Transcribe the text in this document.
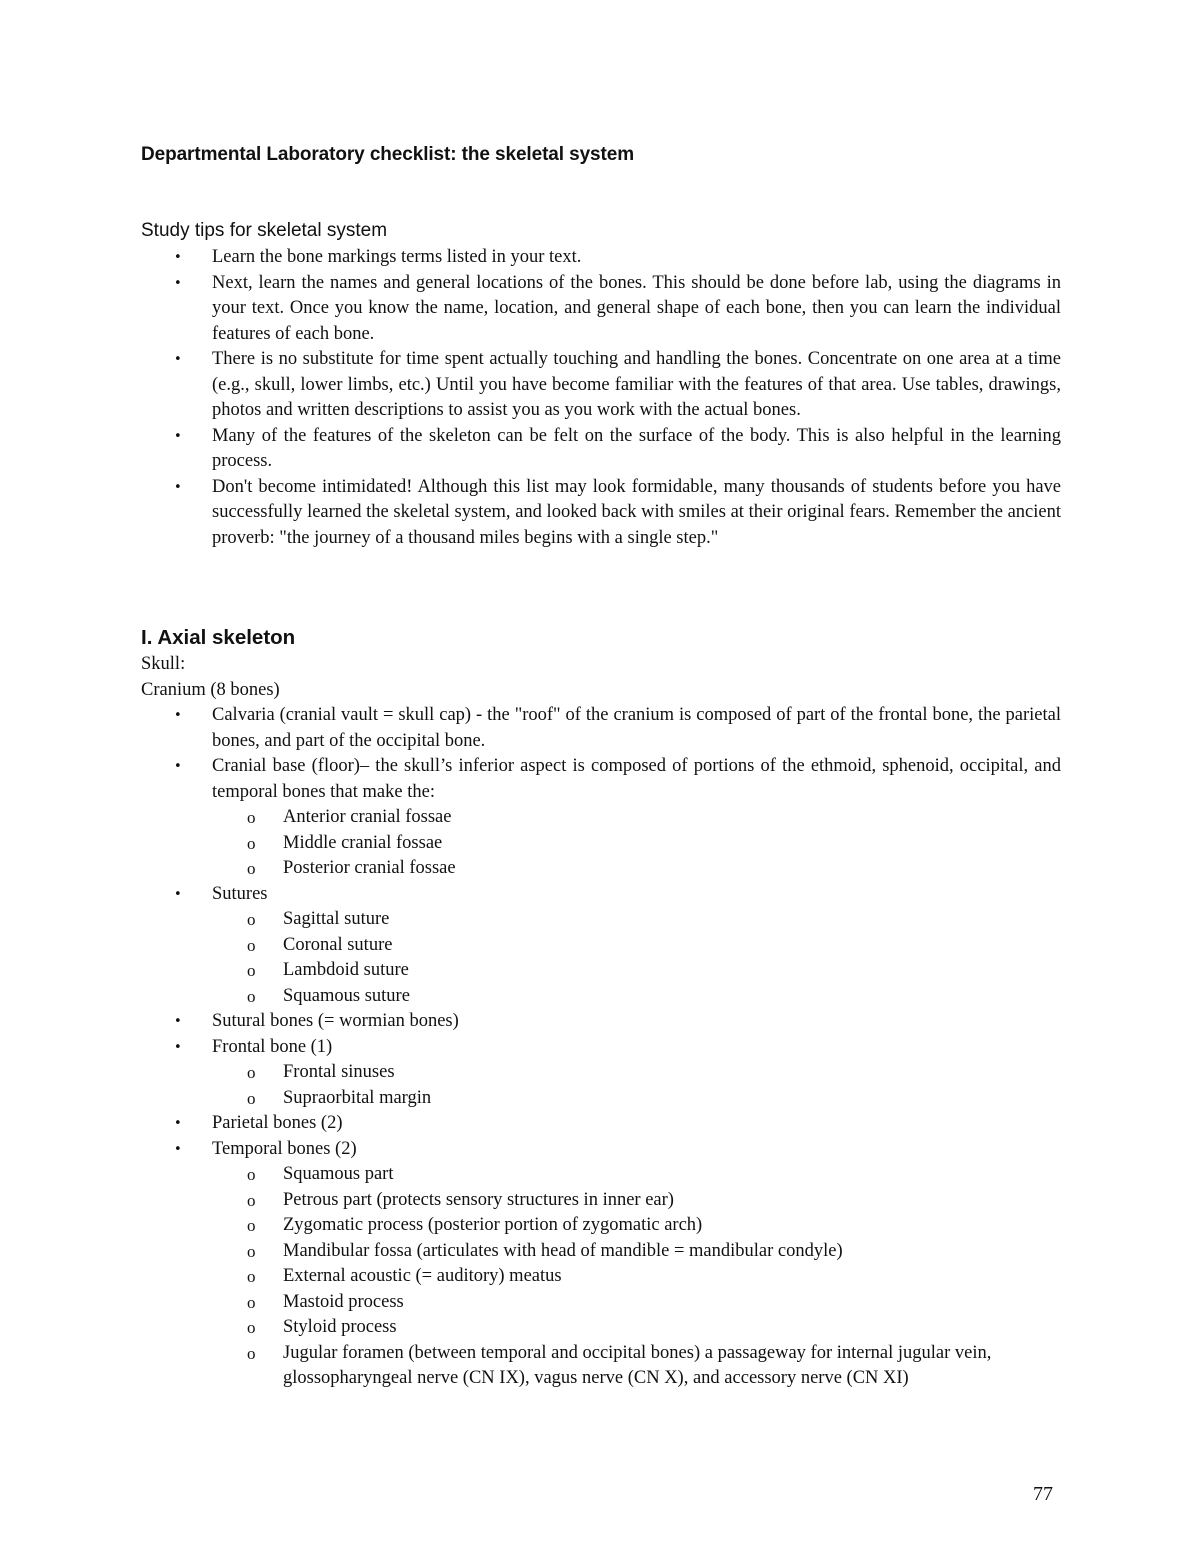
Departmental Laboratory checklist: the skeletal system
Study tips for skeletal system
• Learn the bone markings terms listed in your text.
• Next, learn the names and general locations of the bones. This should be done before lab, using the diagrams in your text. Once you know the name, location, and general shape of each bone, then you can learn the individual features of each bone.
• There is no substitute for time spent actually touching and handling the bones. Concentrate on one area at a time (e.g., skull, lower limbs, etc.) Until you have become familiar with the features of that area. Use tables, drawings, photos and written descriptions to assist you as you work with the actual bones.
• Many of the features of the skeleton can be felt on the surface of the body. This is also helpful in the learning process.
• Don't become intimidated! Although this list may look formidable, many thousands of students before you have successfully learned the skeletal system, and looked back with smiles at their original fears. Remember the ancient proverb: "the journey of a thousand miles begins with a single step."
I. Axial skeleton
Skull:
Cranium (8 bones)
• Calvaria (cranial vault = skull cap) - the "roof" of the cranium is composed of part of the frontal bone, the parietal bones, and part of the occipital bone.
• Cranial base (floor)– the skull’s inferior aspect is composed of portions of the ethmoid, sphenoid, occipital, and temporal bones that make the:
o Anterior cranial fossae
o Middle cranial fossae
o Posterior cranial fossae
• Sutures
o Sagittal suture
o Coronal suture
o Lambdoid suture
o Squamous suture
• Sutural bones (= wormian bones)
• Frontal bone (1)
o Frontal sinuses
o Supraorbital margin
• Parietal bones (2)
• Temporal bones (2)
o Squamous part
o Petrous part (protects sensory structures in inner ear)
o Zygomatic process (posterior portion of zygomatic arch)
o Mandibular fossa (articulates with head of mandible = mandibular condyle)
o External acoustic (= auditory) meatus
o Mastoid process
o Styloid process
o Jugular foramen (between temporal and occipital bones) a passageway for internal jugular vein, glossopharyngeal nerve (CN IX), vagus nerve (CN X), and accessory nerve (CN XI)
77
